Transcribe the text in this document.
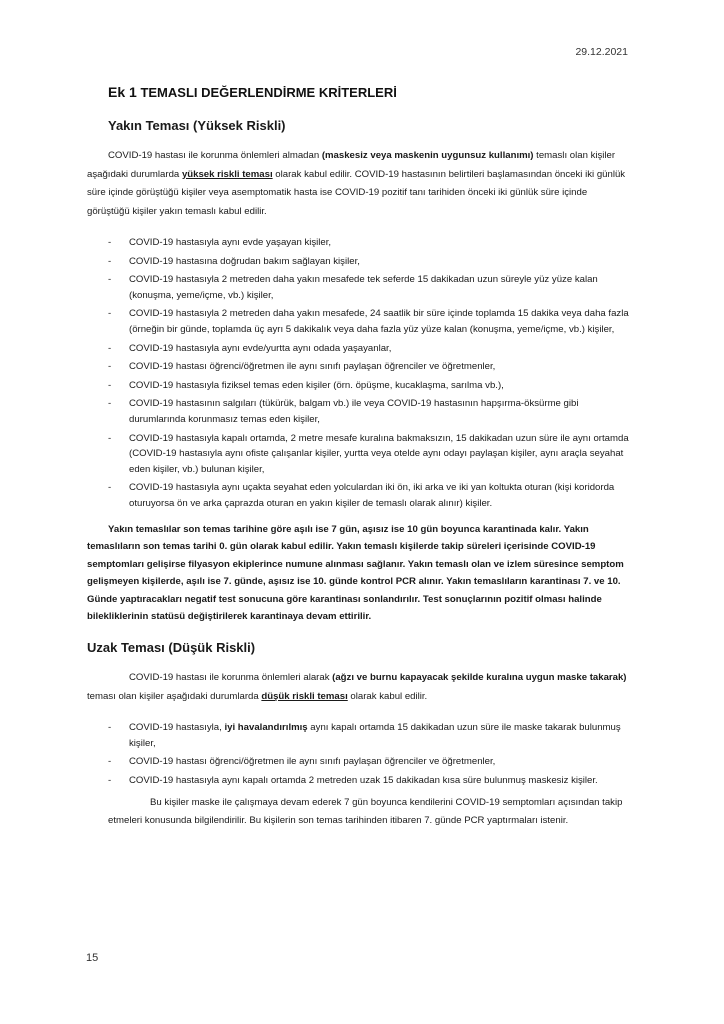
29.12.2021
Ek 1 TEMASLI DEĞERLENDİRME KRİTERLERİ
Yakın Teması (Yüksek Riskli)

COVID-19 hastası ile korunma önlemleri almadan (maskesiz veya maskenin uygunsuz kullanımı) temaslı olan kişiler aşağıdaki durumlarda yüksek riskli teması olarak kabul edilir. COVID-19 hastasının belirtileri başlamasından önceki iki günlük süre içinde görüştüğü kişiler veya asemptomatik hasta ise COVID-19 pozitif tanı tarihiden önceki iki günlük süre içinde görüştüğü kişiler yakın temaslı kabul edilir.

- COVID-19 hastasıyla aynı evde yaşayan kişiler,
- COVID-19 hastasına doğrudan bakım sağlayan kişiler,
- COVID-19 hastasıyla 2 metreden daha yakın mesafede tek seferde 15 dakikadan uzun süreyle yüz yüze kalan (konuşma, yeme/içme, vb.) kişiler,
- COVID-19 hastasıyla 2 metreden daha yakın mesafede, 24 saatlik bir süre içinde toplamda 15 dakika veya daha fazla (örneğin bir günde, toplamda üç ayrı 5 dakikalık veya daha fazla yüz yüze kalan (konuşma, yeme/içme, vb.) kişiler,
- COVID-19 hastasıyla aynı evde/yurtta aynı odada yaşayanlar,
- COVID-19 hastası öğrenci/öğretmen ile aynı sınıfı paylaşan öğrenciler ve öğretmenler,
- COVID-19 hastasıyla fiziksel temas eden kişiler (örn. öpüşme, kucaklaşma, sarılma vb.),
- COVID-19 hastasının salgıları (tükürük, balgam vb.) ile veya COVID-19 hastasının hapşırma-öksürme gibi durumlarında korunmasız temas eden kişiler,
- COVID-19 hastasıyla kapalı ortamda, 2 metre mesafe kuralına bakmaksızın, 15 dakikadan uzun süre ile aynı ortamda (COVID-19 hastasıyla aynı ofiste çalışanlar kişiler, yurtta veya otelde aynı odayı paylaşan kişiler, aynı araçla seyahat eden kişiler, vb.) bulunan kişiler,
- COVID-19 hastasıyla aynı uçakta seyahat eden yolculardan iki ön, iki arka ve iki yan koltukta oturan (kişi koridorda oturuyorsa ön ve arka çaprazda oturan en yakın kişiler de temaslı olarak alınır) kişiler.

Yakın temaslılar son temas tarihine göre aşılı ise 7 gün, aşısız ise 10 gün boyunca karantinada kalır. Yakın temaslıların son temas tarihi 0. gün olarak kabul edilir. Yakın temaslı kişilerde takip süreleri içerisinde COVID-19 semptomları gelişirse filyasyon ekiplerince numune alınması sağlanır. Yakın temaslı olan ve izlem süresince semptom gelişmeyen kişilerde, aşılı ise 7. günde, aşısız ise 10. günde kontrol PCR alınır. Yakın temaslıların karantinası 7. ve 10. Günde yaptıracakları negatif test sonucuna göre karantinası sonlandırılır. Test sonuçlarının pozitif olması halinde bilekliklerinin statüsü değiştirilerek karantinaya devam ettirilir.

Uzak Teması (Düşük Riskli)

COVID-19 hastası ile korunma önlemleri alarak (ağzı ve burnu kapayacak şekilde kuralına uygun maske takarak) teması olan kişiler aşağıdaki durumlarda düşük riskli teması olarak kabul edilir.

- COVID-19 hastasıyla, iyi havalandırılmış aynı kapalı ortamda 15 dakikadan uzun süre ile maske takarak bulunmuş kişiler,
- COVID-19 hastası öğrenci/öğretmen ile aynı sınıfı paylaşan öğrenciler ve öğretmenler,
- COVID-19 hastasıyla aynı kapalı ortamda 2 metreden uzak 15 dakikadan kısa süre bulunmuş maskesiz kişiler.

Bu kişiler maske ile çalışmaya devam ederek 7 gün boyunca kendilerini COVID-19 semptomları açısından takip etmeleri konusunda bilgilendirilir. Bu kişilerin son temas tarihinden itibaren 7. günde PCR yaptırmaları istenir.

15
